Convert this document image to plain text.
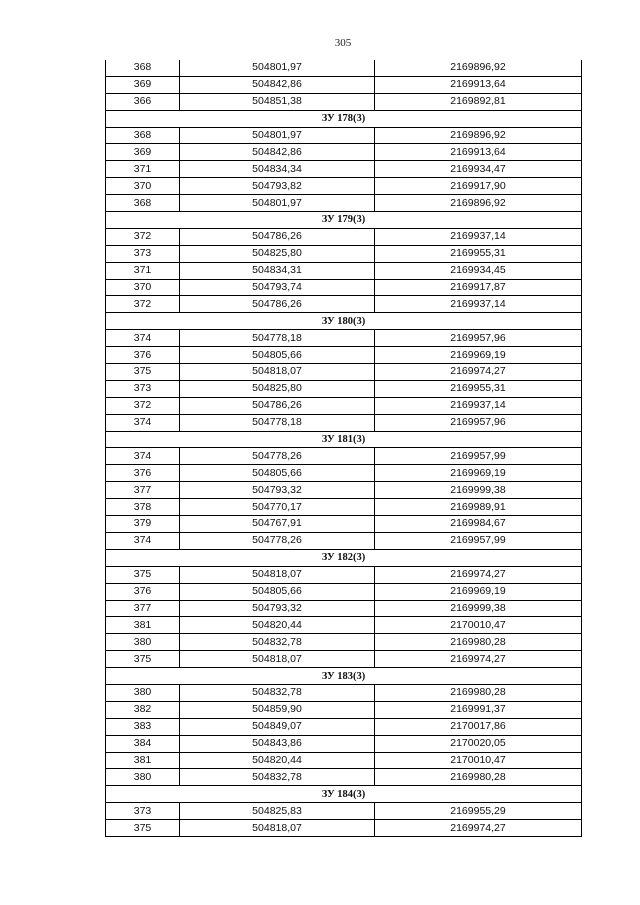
305
368	504801,97	2169896,92
369	504842,86	2169913,64
366	504851,38	2169892,81
ЗУ 178(3)		
368	504801,97	2169896,92
369	504842,86	2169913,64
371	504834,34	2169934,47
370	504793,82	2169917,90
368	504801,97	2169896,92
ЗУ 179(3)		
372	504786,26	2169937,14
373	504825,80	2169955,31
371	504834,31	2169934,45
370	504793,74	2169917,87
372	504786,26	2169937,14
ЗУ 180(3)		
374	504778,18	2169957,96
376	504805,66	2169969,19
375	504818,07	2169974,27
373	504825,80	2169955,31
372	504786,26	2169937,14
374	504778,18	2169957,96
ЗУ 181(3)		
374	504778,26	2169957,99
376	504805,66	2169969,19
377	504793,32	2169999,38
378	504770,17	2169989,91
379	504767,91	2169984,67
374	504778,26	2169957,99
ЗУ 182(3)		
375	504818,07	2169974,27
376	504805,66	2169969,19
377	504793,32	2169999,38
381	504820,44	2170010,47
380	504832,78	2169980,28
375	504818,07	2169974,27
ЗУ 183(3)		
380	504832,78	2169980,28
382	504859,90	2169991,37
383	504849,07	2170017,86
384	504843,86	2170020,05
381	504820,44	2170010,47
380	504832,78	2169980,28
ЗУ 184(3)		
373	504825,83	2169955,29
375	504818,07	2169974,27
